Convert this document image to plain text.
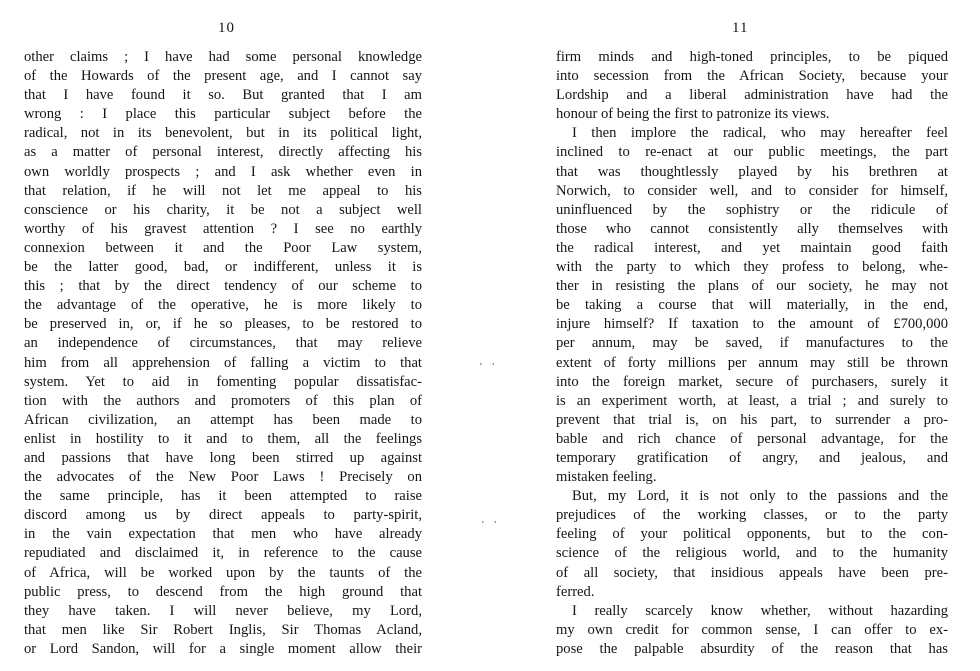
10
other claims ; I have had some personal knowledge
of the Howards of the present age, and I cannot say
that I have found it so. But granted that I am
wrong : I place this particular subject before the
radical, not in its benevolent, but in its political light,
as a matter of personal interest, directly affecting his
own worldly prospects ; and I ask whether even in
that relation, if he will not let me appeal to his
conscience or his charity, it be not a subject well
worthy of his gravest attention ? I see no earthly
connexion between it and the Poor Law system,
be the latter good, bad, or indifferent, unless it is
this ; that by the direct tendency of our scheme to
the advantage of the operative, he is more likely to
be preserved in, or, if he so pleases, to be restored to
an independence of circumstances, that may relieve
him from all apprehension of falling a victim to that
system. Yet to aid in fomenting popular dissatisfac-
tion with the authors and promoters of this plan of
African civilization, an attempt has been made to
enlist in hostility to it and to them, all the feelings
and passions that have long been stirred up against
the advocates of the New Poor Laws ! Precisely on
the same principle, has it been attempted to raise
discord among us by direct appeals to party-spirit,
in the vain expectation that men who have already
repudiated and disclaimed it, in reference to the cause
of Africa, will be worked upon by the taunts of the
public press, to descend from the high ground that
they have taken. I will never believe, my Lord,
that men like Sir Robert Inglis, Sir Thomas Acland,
or Lord Sandon, will for a single moment allow their
' '
' '
11
firm minds and high-toned principles, to be piqued
into secession from the African Society, because your
Lordship and a liberal administration have had the
honour of being the first to patronize its views.
I then implore the radical, who may hereafter feel
inclined to re-enact at our public meetings, the part
that was thoughtlessly played by his brethren at
Norwich, to consider well, and to consider for himself,
uninfluenced by the sophistry or the ridicule of
those who cannot consistently ally themselves with
the radical interest, and yet maintain good faith
with the party to which they profess to belong, whe-
ther in resisting the plans of our society, he may not
be taking a course that will materially, in the end,
injure himself? If taxation to the amount of £700,000
per annum, may be saved, if manufactures to the
extent of forty millions per annum may still be thrown
into the foreign market, secure of purchasers, surely it
is an experiment worth, at least, a trial ; and surely to
prevent that trial is, on his part, to surrender a pro-
bable and rich chance of personal advantage, for the
temporary gratification of angry, and jealous, and
mistaken feeling.
But, my Lord, it is not only to the passions and the
prejudices of the working classes, or to the party
feeling of your political opponents, but to the con-
science of the religious world, and to the humanity
of all society, that insidious appeals have been pre-
ferred.
I really scarcely know whether, without hazarding
my own credit for common sense, I can offer to ex-
pose the palpable absurdity of the reason that has
